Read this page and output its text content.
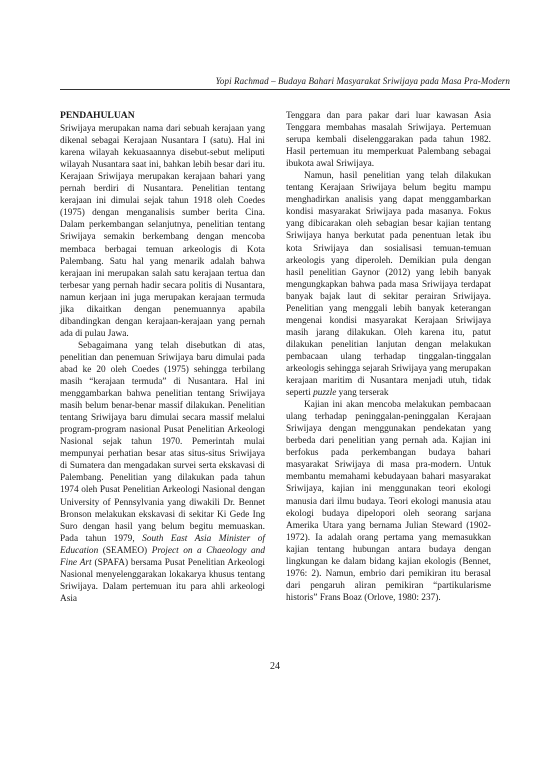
Yopi Rachmad – Budaya Bahari Masyarakat Sriwijaya pada Masa Pra-Modern
PENDAHULUAN

Sriwijaya merupakan nama dari sebuah kerajaan yang dikenal sebagai Kerajaan Nusantara I (satu). Hal ini karena wilayah kekuasaannya disebut-sebut meliputi wilayah Nusantara saat ini, bahkan lebih besar dari itu. Kerajaan Sriwijaya merupakan kerajaan bahari yang pernah berdiri di Nusantara. Penelitian tentang kerajaan ini dimulai sejak tahun 1918 oleh Coedes (1975) dengan menganalisis sumber berita Cina. Dalam perkembangan selanjutnya, penelitian tentang Sriwijaya semakin berkembang dengan mencoba membaca berbagai temuan arkeologis di Kota Palembang. Satu hal yang menarik adalah bahwa kerajaan ini merupakan salah satu kerajaan tertua dan terbesar yang pernah hadir secara politis di Nusantara, namun kerjaan ini juga merupakan kerajaan termuda jika dikaitkan dengan penemuannya apabila dibandingkan dengan kerajaan-kerajaan yang pernah ada di pulau Jawa.

Sebagaimana yang telah disebutkan di atas, penelitian dan penemuan Sriwijaya baru dimulai pada abad ke 20 oleh Coedes (1975) sehingga terbilang masih “kerajaan termuda” di Nusantara. Hal ini menggambarkan bahwa penelitian tentang Sriwijaya masih belum benar-benar massif dilakukan. Penelitian tentang Sriwijaya baru dimulai secara massif melalui program-program nasional Pusat Penelitian Arkeologi Nasional sejak tahun 1970. Pemerintah mulai mempunyai perhatian besar atas situs-situs Sriwijaya di Sumatera dan mengadakan survei serta ekskavasi di Palembang. Penelitian yang dilakukan pada tahun 1974 oleh Pusat Penelitian Arkeologi Nasional dengan University of Pennsylvania yang diwakili Dr. Bennet Bronson melakukan ekskavasi di sekitar Ki Gede Ing Suro dengan hasil yang belum begitu memuaskan. Pada tahun 1979, South East Asia Minister of Education (SEAMEO) Project on a Chaeology and Fine Art (SPAFA) bersama Pusat Penelitian Arkeologi Nasional menyelenggarakan lokakarya khusus tentang Sriwijaya. Dalam pertemuan itu para ahli arkeologi Asia

Tenggara dan para pakar dari luar kawasan Asia Tenggara membahas masalah Sriwijaya. Pertemuan serupa kembali diselenggarakan pada tahun 1982. Hasil pertemuan itu memperkuat Palembang sebagai ibukota awal Sriwijaya.

Namun, hasil penelitian yang telah dilakukan tentang Kerajaan Sriwijaya belum begitu mampu menghadirkan analisis yang dapat menggambarkan kondisi masyarakat Sriwijaya pada masanya. Fokus yang dibicarakan oleh sebagian besar kajian tentang Sriwijaya hanya berkutat pada penentuan letak ibu kota Sriwijaya dan sosialisasi temuan-temuan arkeologis yang diperoleh. Demikian pula dengan hasil penelitian Gaynor (2012) yang lebih banyak mengungkapkan bahwa pada masa Sriwijaya terdapat banyak bajak laut di sekitar perairan Sriwijaya. Penelitian yang menggali lebih banyak keterangan mengenai kondisi masyarakat Kerajaan Sriwijaya masih jarang dilakukan. Oleh karena itu, patut dilakukan penelitian lanjutan dengan melakukan pembacaan ulang terhadap tinggalan-tinggalan arkeologis sehingga sejarah Sriwijaya yang merupakan kerajaan maritim di Nusantara menjadi utuh, tidak seperti puzzle yang terserak

Kajian ini akan mencoba melakukan pembacaan ulang terhadap peninggalan-peninggalan Kerajaan Sriwijaya dengan menggunakan pendekatan yang berbeda dari penelitian yang pernah ada. Kajian ini berfokus pada perkembangan budaya bahari masyarakat Sriwijaya di masa pra-modern. Untuk membantu memahami kebudayaan bahari masyarakat Sriwijaya, kajian ini menggunakan teori ekologi manusia dari ilmu budaya. Teori ekologi manusia atau ekologi budaya dipelopori oleh seorang sarjana Amerika Utara yang bernama Julian Steward (1902-1972). Ia adalah orang pertama yang memasukkan kajian tentang hubungan antara budaya dengan lingkungan ke dalam bidang kajian ekologis (Bennet, 1976: 2). Namun, embrio dari pemikiran itu berasal dari pengaruh aliran pemikiran “partikularisme historis” Frans Boaz (Orlove, 1980: 237).

24
